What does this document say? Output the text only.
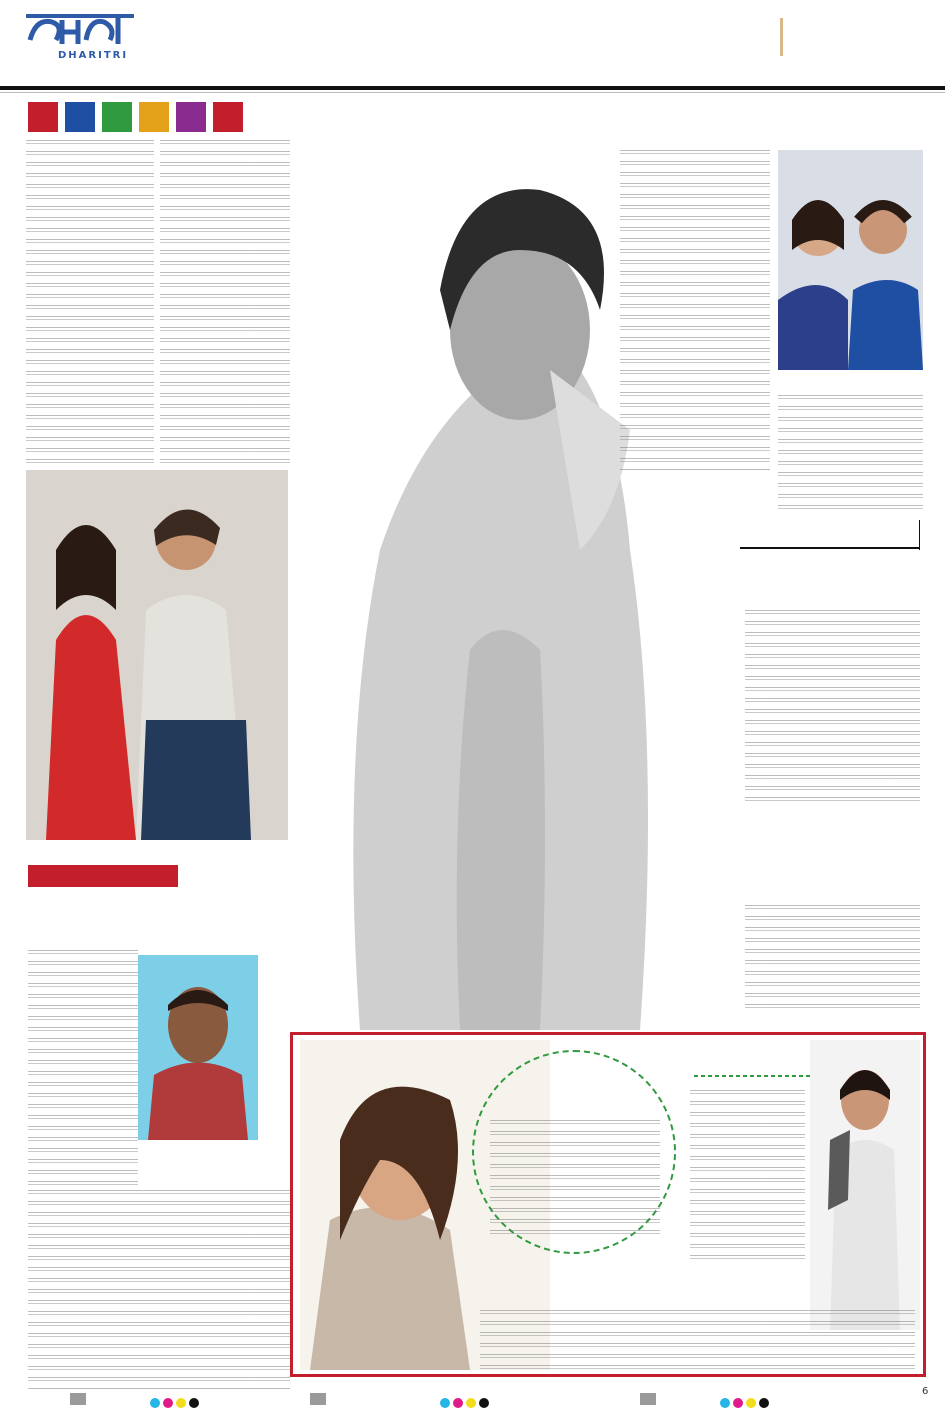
DHARITRI
6
